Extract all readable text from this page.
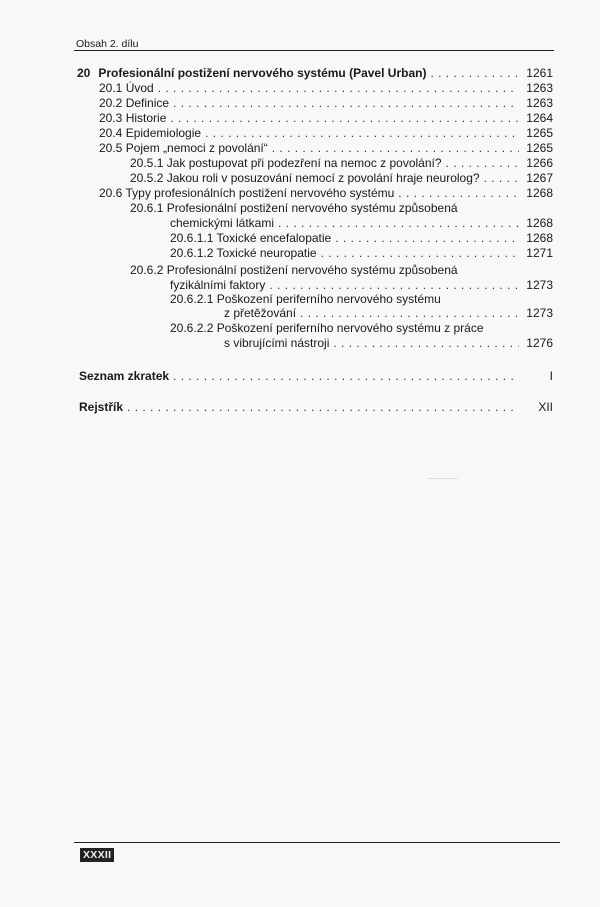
Obsah 2. dílu
20 Profesionální postižení nervového systému (Pavel Urban) . . .	1261
20.1 Úvod . . .	1263
20.2 Definice . . .	1263
20.3 Historie . . .	1264
20.4 Epidemiologie . . .	1265
20.5 Pojem „nemoci z povolání“ . . .	1265
20.5.1 Jak postupovat při podezření na nemoc z povolání? . . .	1266
20.5.2 Jakou roli v posuzování nemocí z povolání hraje neurolog? . . .	1267
20.6 Typy profesionálních postižení nervového systému . . .	1268
20.6.1 Profesionální postižení nervového systému způsobená
chemickými látkami . . .	1268
20.6.1.1 Toxické encefalopatie . . .	1268
20.6.1.2 Toxické neuropatie . . .	1271
20.6.2 Profesionální postižení nervového systému způsobená
fyzikálními faktory . . .	1273
20.6.2.1 Poškození periferního nervového systému
z přetěžování . . .	1273
20.6.2.2 Poškození periferního nervového systému z práce
s vibrujícími nástroji . . .	1276
Seznam zkratek . . .	I
Rejstřík . . .	XII
XXXII
